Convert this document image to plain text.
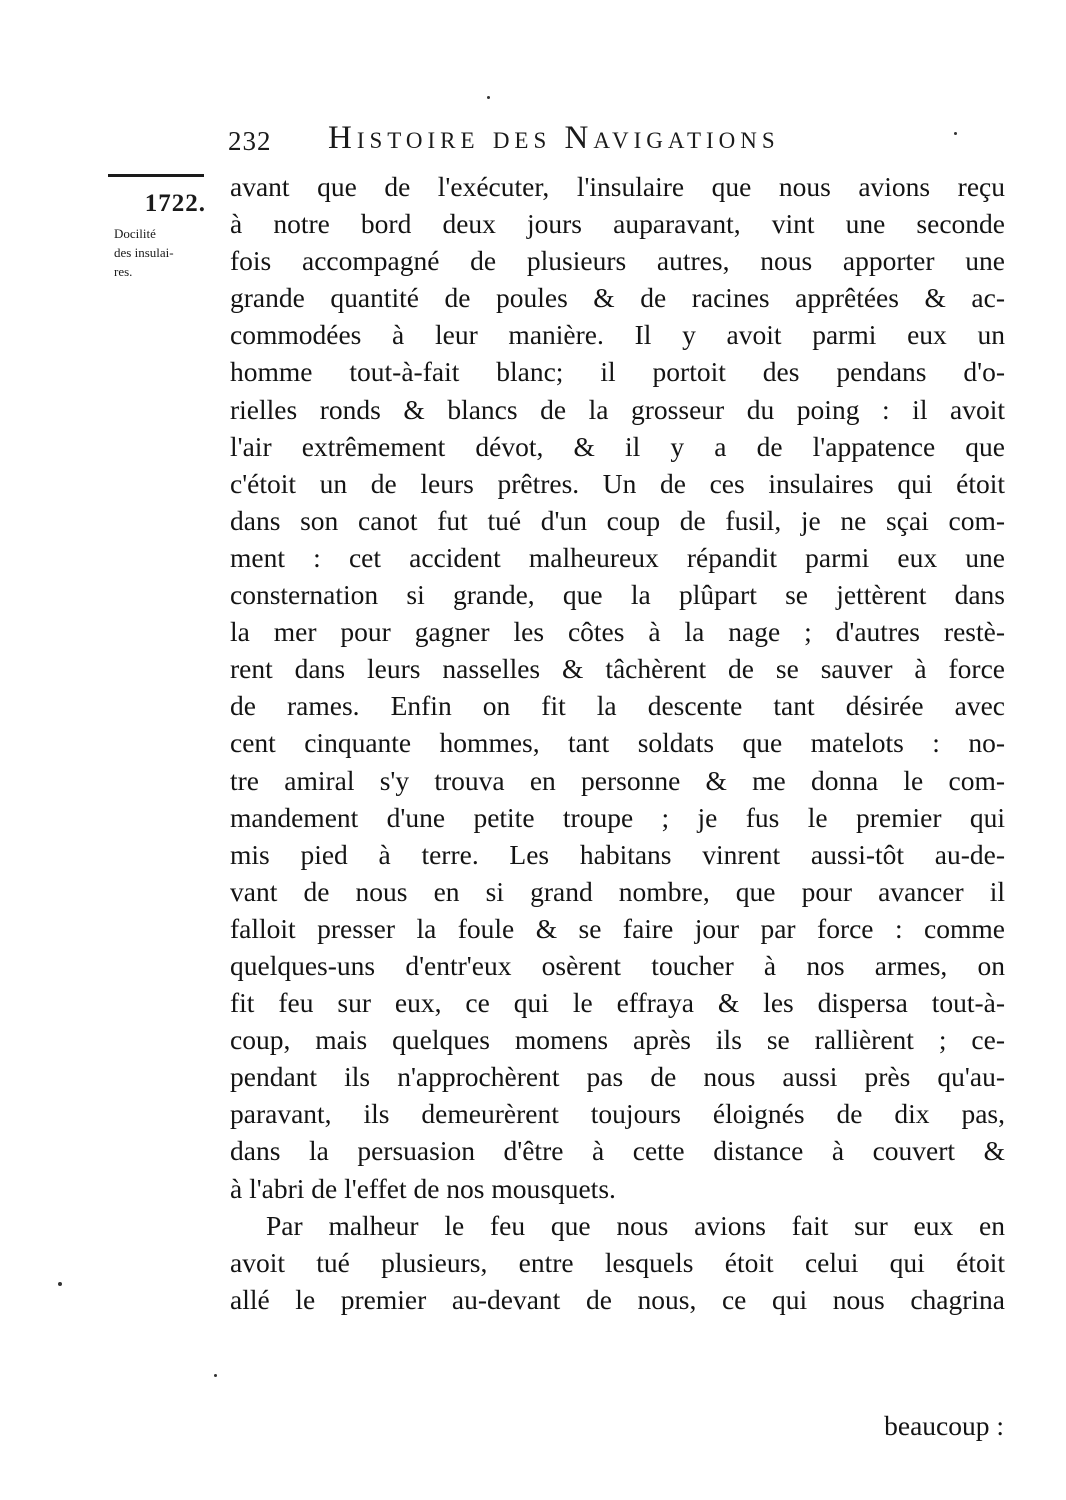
232 Histoire des Navigations
1722.
Docilité
des insulai-
res.
avant que de l'exécuter, l'insulaire que nous avions reçu
à notre bord deux jours auparavant, vint une seconde
fois accompagné de plusieurs autres, nous apporter une
grande quantité de poules & de racines apprêtées & ac-
commodées à leur manière. Il y avoit parmi eux un
homme tout-à-fait blanc; il portoit des pendans d'o-
rielles ronds & blancs de la grosseur du poing : il avoit
l'air extrêmement dévot, & il y a de l'appatence que
c'étoit un de leurs prêtres. Un de ces insulaires qui étoit
dans son canot fut tué d'un coup de fusil, je ne sçai com-
ment : cet accident malheureux répandit parmi eux une
consternation si grande, que la plûpart se jettèrent dans
la mer pour gagner les côtes à la nage ; d'autres restè-
rent dans leurs nasselles & tâchèrent de se sauver à force
de rames. Enfin on fit la descente tant désirée avec
cent cinquante hommes, tant soldats que matelots : no-
tre amiral s'y trouva en personne & me donna le com-
mandement d'une petite troupe ; je fus le premier qui
mis pied à terre. Les habitans vinrent aussi-tôt au-de-
vant de nous en si grand nombre, que pour avancer il
falloit presser la foule & se faire jour par force : comme
quelques-uns d'entr'eux osèrent toucher à nos armes, on
fit feu sur eux, ce qui le effraya & les dispersa tout-à-
coup, mais quelques momens après ils se rallièrent ; ce-
pendant ils n'approchèrent pas de nous aussi près qu'au-
paravant, ils demeurèrent toujours éloignés de dix pas,
dans la persuasion d'être à cette distance à couvert &
à l'abri de l'effet de nos mousquets.
Par malheur le feu que nous avions fait sur eux en
avoit tué plusieurs, entre lesquels étoit celui qui étoit
allé le premier au-devant de nous, ce qui nous chagrina
beaucoup :
